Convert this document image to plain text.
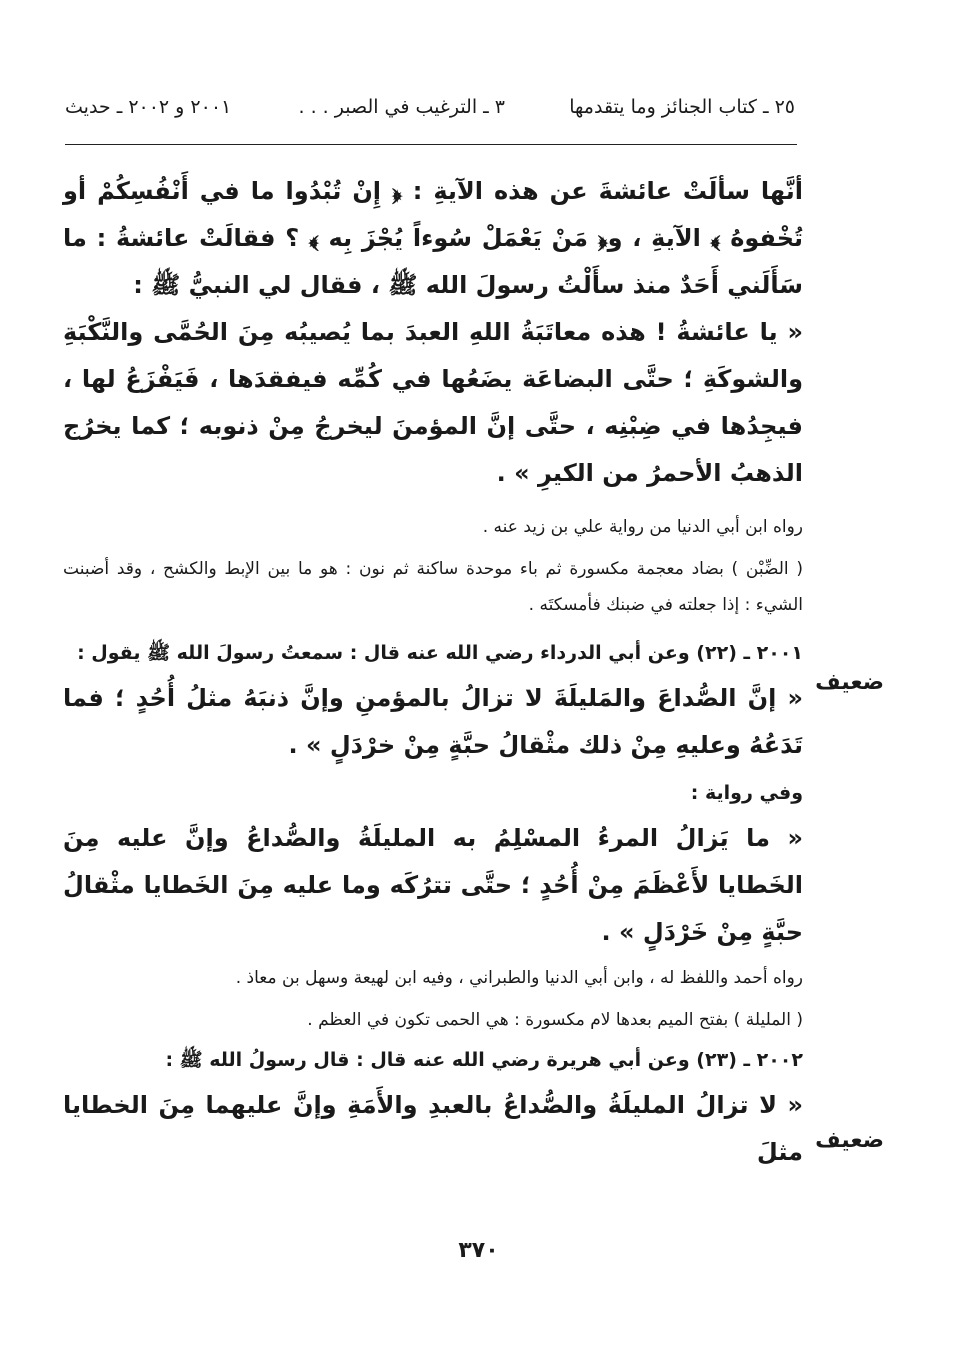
٢٥ ـ كتاب الجنائز وما يتقدمها
٣ ـ الترغيب في الصبر . . .
٢٠٠١ و ٢٠٠٢ ـ حديث
ضعيف
ضعيف

أنَّها سألَتْ عائشةَ عن هذه الآيةِ : ﴿ إِنْ تُبْدُوا ما في أَنْفُسِكُمْ أو تُخْفوهُ ﴾ الآيةِ ، و﴿ مَنْ يَعْمَلْ سُوءاً يُجْزَ بِه ﴾ ؟ فقالَتْ عائشةُ : ما سَأَلَني أَحَدٌ منذ سأَلْتُ رسولَ الله ﷺ ، فقال لي النبيُّ ﷺ :

« يا عائشةُ ! هذه معاتَبَةُ اللهِ العبدَ بما يُصيبُه مِنَ الحُمَّى والنَّكْبَةِ والشوكَةِ ؛ حتَّى البضاعَة يضَعُها في كُمِّه فيفقدَها ، فَيَفْزَعُ لها ، فيجِدُها في ضِبْنِه ، حتَّى إنَّ المؤمنَ ليخرجُ مِنْ ذنوبه ؛ كما يخرُج الذهبُ الأحمرُ من الكيرِ » .

رواه ابن أبي الدنيا من رواية علي بن زيد عنه .

( الضِّبْن ) بضاد معجمة مكسورة ثم باء موحدة ساكنة ثم نون : هو ما بين الإبط والكشح ، وقد أضبنت الشيء : إذا جعلته في ضبنك فأمسكتَه .

٢٠٠١ ـ (٢٢) وعن أبي الدرداء رضي الله عنه قال : سمعتُ رسولَ الله ﷺ يقول :

« إنَّ الصُّداعَ والمَليلَةَ لا تزالُ بالمؤمنِ وإنَّ ذنبَهُ مثلُ أُحُدٍ ؛ فما تَدَعُهُ وعليهِ مِنْ ذلك مثْقالُ حبَّةٍ مِنْ خرْدَلٍ » .

وفي رواية :

« ما يَزالُ المرءُ المسْلِمُ به المليلَةُ والصُّداعُ وإنَّ عليه مِنَ الخَطايا لأَعْظَمَ مِنْ أُحُدٍ ؛ حتَّى تترُكَه وما عليه مِنَ الخَطايا مثْقالُ حبَّةٍ مِنْ خَرْدَلٍ » .

رواه أحمد واللفظ له ، وابن أبي الدنيا والطبراني ، وفيه ابن لهيعة وسهل بن معاذ .

( المليلة ) بفتح الميم بعدها لام مكسورة : هي الحمى تكون في العظم .

٢٠٠٢ ـ (٢٣) وعن أبي هريرة رضي الله عنه قال : قال رسولُ الله ﷺ :

« لا تزالُ المليلَةُ والصُّداعُ بالعبدِ والأَمَةِ وإنَّ عليهما مِنَ الخطايا مثلَ

٣٧٠
